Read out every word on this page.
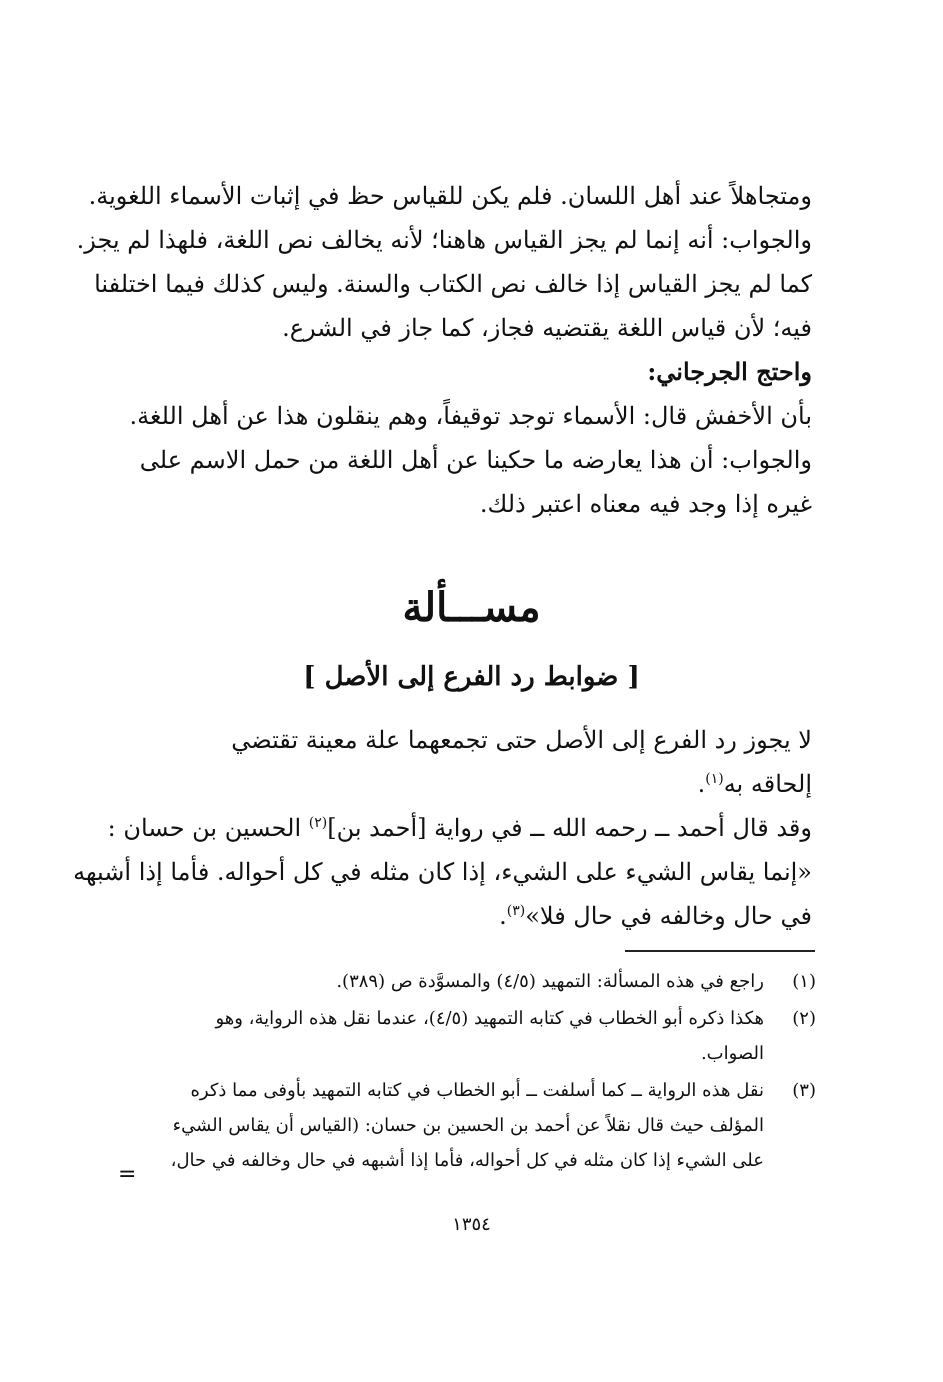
ومتجاهلاً عند أهل اللسان. فلم يكن للقياس حظ في إثبات الأسماء اللغوية.
والجواب: أنه إنما لم يجز القياس هاهنا؛ لأنه يخالف نص اللغة، فلهذا لم يجز.
كما لم يجز القياس إذا خالف نص الكتاب والسنة. وليس كذلك فيما اختلفنا
فيه؛ لأن قياس اللغة يقتضيه فجاز، كما جاز في الشرع.
واحتج الجرجاني:
بأن الأخفش قال: الأسماء توجد توقيفاً، وهم ينقلون هذا عن أهل اللغة.
والجواب: أن هذا يعارضه ما حكينا عن أهل اللغة من حمل الاسم على
غيره إذا وجد فيه معناه اعتبر ذلك.
مســـألة
[ ضوابط رد الفرع إلى الأصل ]
لا يجوز رد الفرع إلى الأصل حتى تجمعهما علة معينة تقتضي
إلحاقه به$^{(١)}$.
وقد قال أحمد ــ رحمه الله ــ في رواية [أحمد بن]$^{(٢)}$ الحسين بن حسان :
«إنما يقاس الشيء على الشيء، إذا كان مثله في كل أحواله. فأما إذا أشبهه
في حال وخالفه في حال فلا»$^{(٣)}$.
(١)
راجع في هذه المسألة: التمهيد (٤/٥) والمسوَّدة ص (٣٨٩).
(٢)
هكذا ذكره أبو الخطاب في كتابه التمهيد (٤/٥)، عندما نقل هذه الرواية، وهو
الصواب.
(٣)
نقل هذه الرواية ــ كما أسلفت ــ أبو الخطاب في كتابه التمهيد بأوفى مما ذكره
المؤلف حيث قال نقلاً عن أحمد بن الحسين بن حسان: (القياس أن يقاس الشيء
على الشيء إذا كان مثله في كل أحواله، فأما إذا أشبهه في حال وخالفه في حال،
=
١٣٥٤
